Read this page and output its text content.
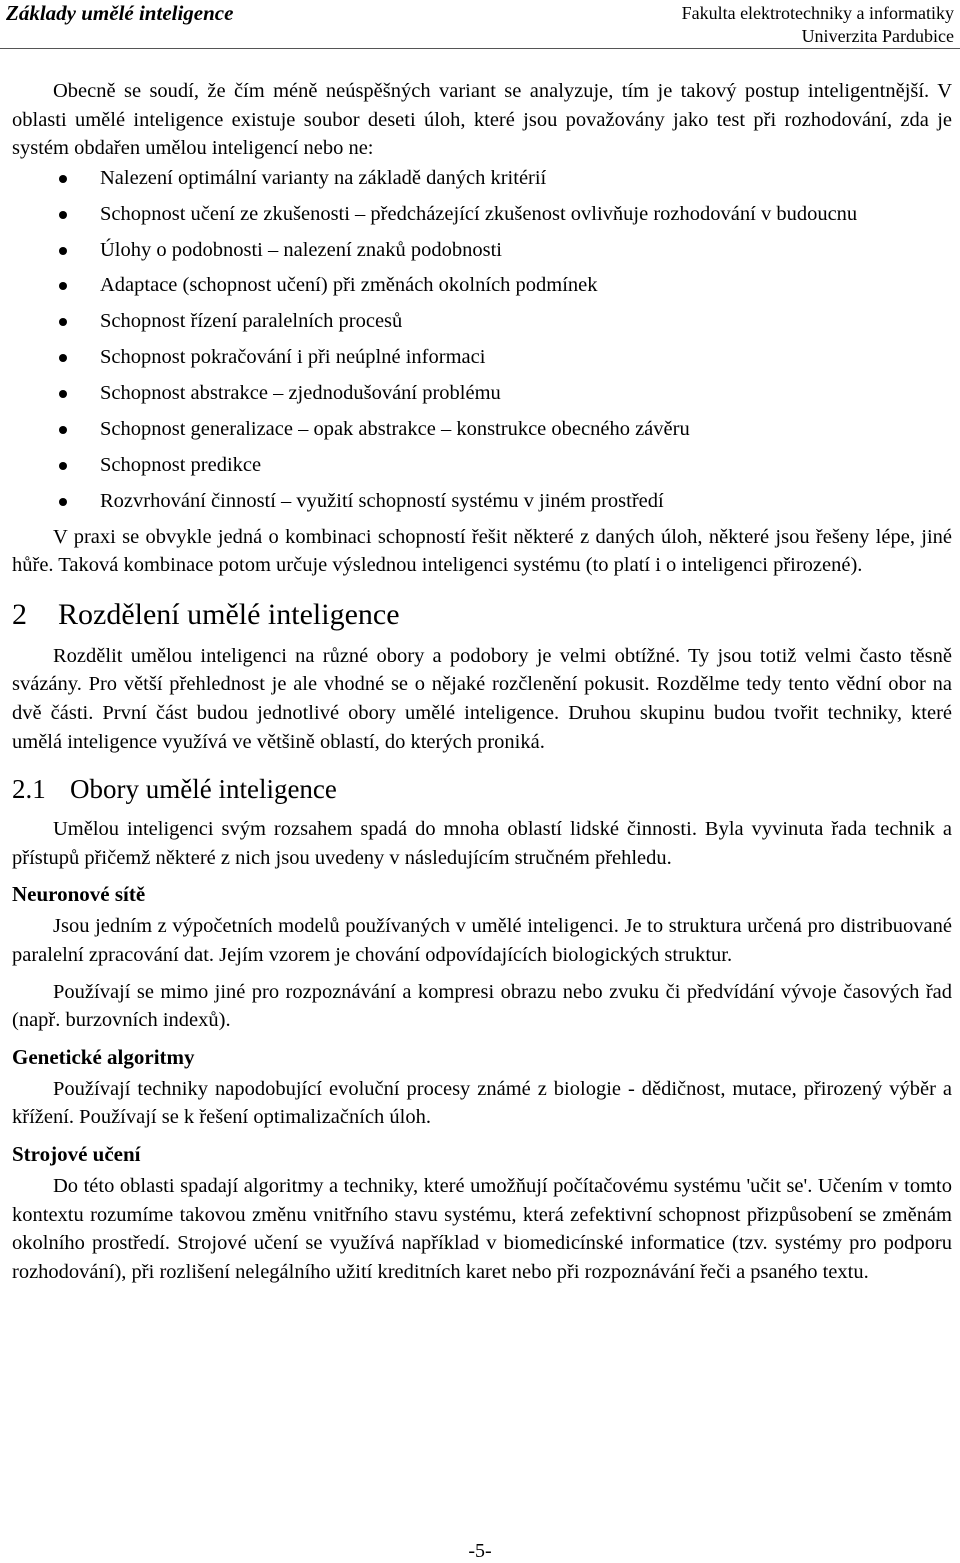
Základy umělé inteligence	Fakulta elektrotechniky a informatiky
Univerzita Pardubice

Obecně se soudí, že čím méně neúspěšných variant se analyzuje, tím je takový postup inteligentnější. V oblasti umělé inteligence existuje soubor deseti úloh, které jsou považovány jako test při rozhodování, zda je systém obdařen umělou inteligencí nebo ne:

Nalezení optimální varianty na základě daných kritérií
Schopnost učení ze zkušenosti – předcházející zkušenost ovlivňuje rozhodování v budoucnu
Úlohy o podobnosti – nalezení znaků podobnosti
Adaptace (schopnost učení) při změnách okolních podmínek
Schopnost řízení paralelních procesů
Schopnost pokračování i při neúplné informaci
Schopnost abstrakce – zjednodušování problému
Schopnost generalizace – opak abstrakce – konstrukce obecného závěru
Schopnost predikce
Rozvrhování činností – využití schopností systému v jiném prostředí

V praxi se obvykle jedná o kombinaci schopností řešit některé z daných úloh, některé jsou řešeny lépe, jiné hůře. Taková kombinace potom určuje výslednou inteligenci systému (to platí i o inteligenci přirozené).

2 Rozdělení umělé inteligence

Rozdělit umělou inteligenci na různé obory a podobory je velmi obtížné. Ty jsou totiž velmi často těsně svázány. Pro větší přehlednost je ale vhodné se o nějaké rozčlenění pokusit. Rozdělme tedy tento vědní obor na dvě části. První část budou jednotlivé obory umělé inteligence. Druhou skupinu budou tvořit techniky, které umělá inteligence využívá ve většině oblastí, do kterých proniká.

2.1 Obory umělé inteligence

Umělou inteligenci svým rozsahem spadá do mnoha oblastí lidské činnosti. Byla vyvinuta řada technik a přístupů přičemž některé z nich jsou uvedeny v následujícím stručném přehledu.

Neuronové sítě

Jsou jedním z výpočetních modelů používaných v umělé inteligenci. Je to struktura určená pro distribuované paralelní zpracování dat. Jejím vzorem je chování odpovídajících biologických struktur.

Používají se mimo jiné pro rozpoznávání a kompresi obrazu nebo zvuku či předvídání vývoje časových řad (např. burzovních indexů).

Genetické algoritmy

Používají techniky napodobující evoluční procesy známé z biologie - dědičnost, mutace, přirozený výběr a křížení. Používají se k řešení optimalizačních úloh.

Strojové učení

Do této oblasti spadají algoritmy a techniky, které umožňují počítačovému systému 'učit se'. Učením v tomto kontextu rozumíme takovou změnu vnitřního stavu systému, která zefektivní schopnost přizpůsobení se změnám okolního prostředí. Strojové učení se využívá například v biomedicínské informatice (tzv. systémy pro podporu rozhodování), při rozlišení nelegálního užití kreditních karet nebo při rozpoznávání řeči a psaného textu.

-5-
